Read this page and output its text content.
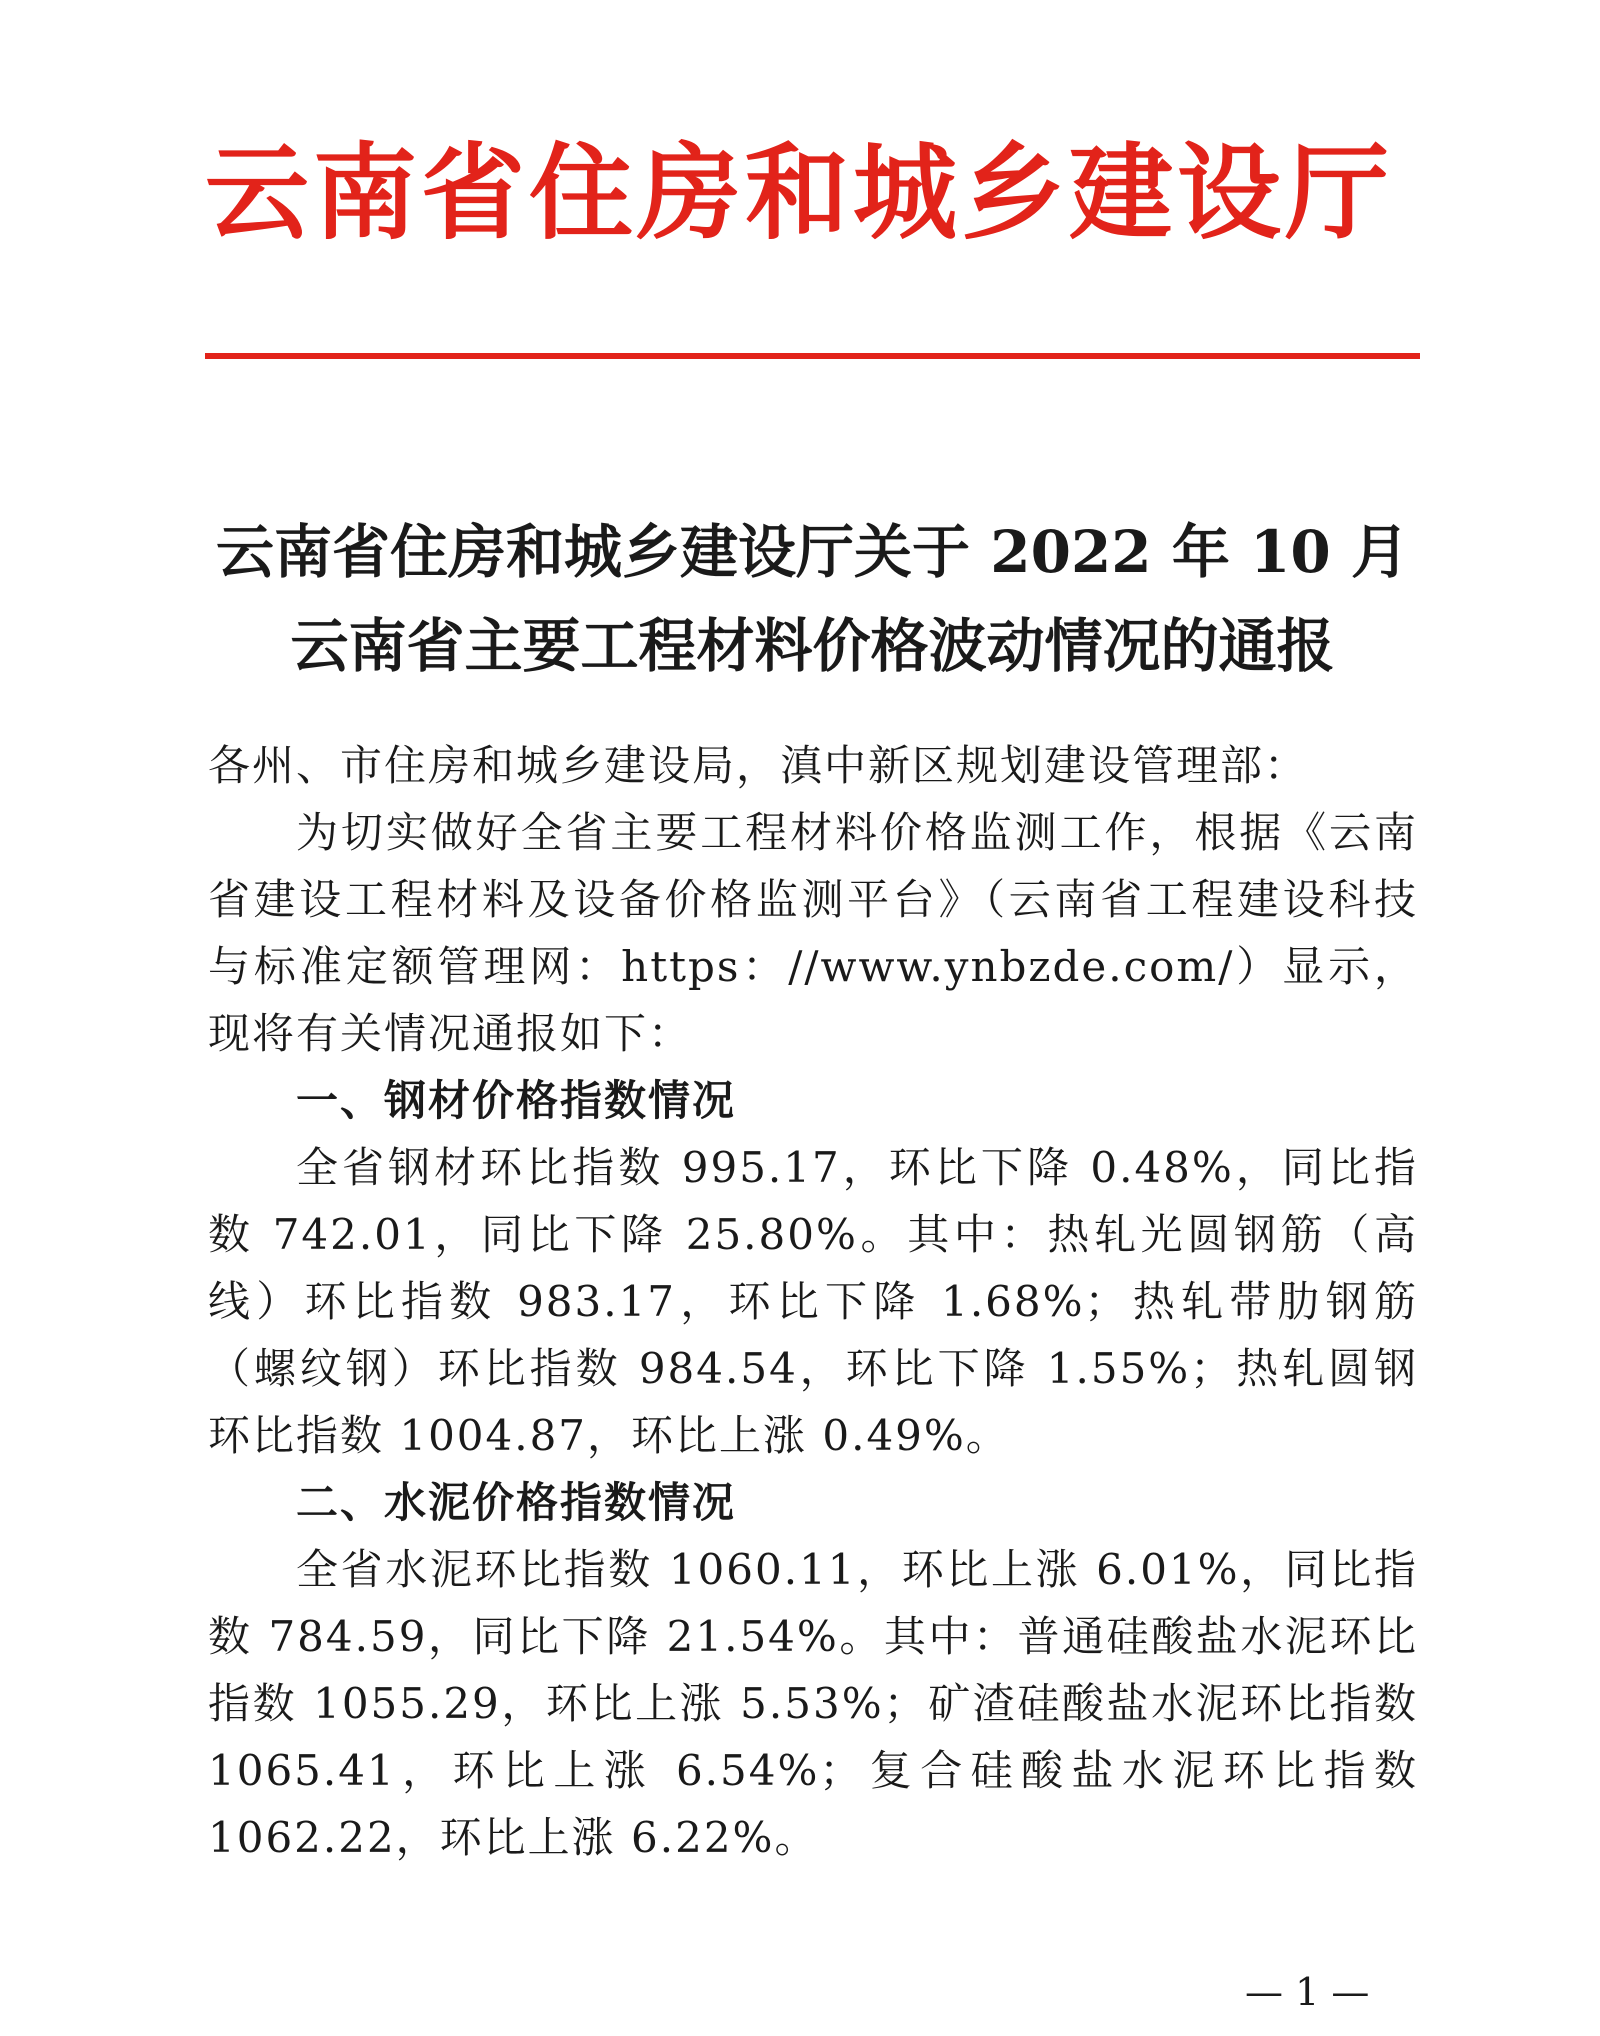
云南省住房和城乡建设厅
云南省住房和城乡建设厅关于 2022 年 10 月
云南省主要工程材料价格波动情况的通报

各州、市住房和城乡建设局，滇中新区规划建设管理部：

为切实做好全省主要工程材料价格监测工作，根据《云南省建设工程材料及设备价格监测平台》（云南省工程建设科技与标准定额管理网：https：//www.ynbzde.com/）显示，现将有关情况通报如下：

一、钢材价格指数情况

全省钢材环比指数 995.17，环比下降 0.48%，同比指数 742.01，同比下降 25.80%。其中：热轧光圆钢筋（高线）环比指数 983.17，环比下降 1.68%；热轧带肋钢筋（螺纹钢）环比指数 984.54，环比下降 1.55%；热轧圆钢环比指数 1004.87，环比上涨 0.49%。

二、水泥价格指数情况

全省水泥环比指数 1060.11，环比上涨 6.01%，同比指数 784.59，同比下降 21.54%。其中：普通硅酸盐水泥环比指数 1055.29，环比上涨 5.53%；矿渣硅酸盐水泥环比指数 1065.41，环比上涨 6.54%；复合硅酸盐水泥环比指数 1062.22，环比上涨 6.22%。

— 1 —
